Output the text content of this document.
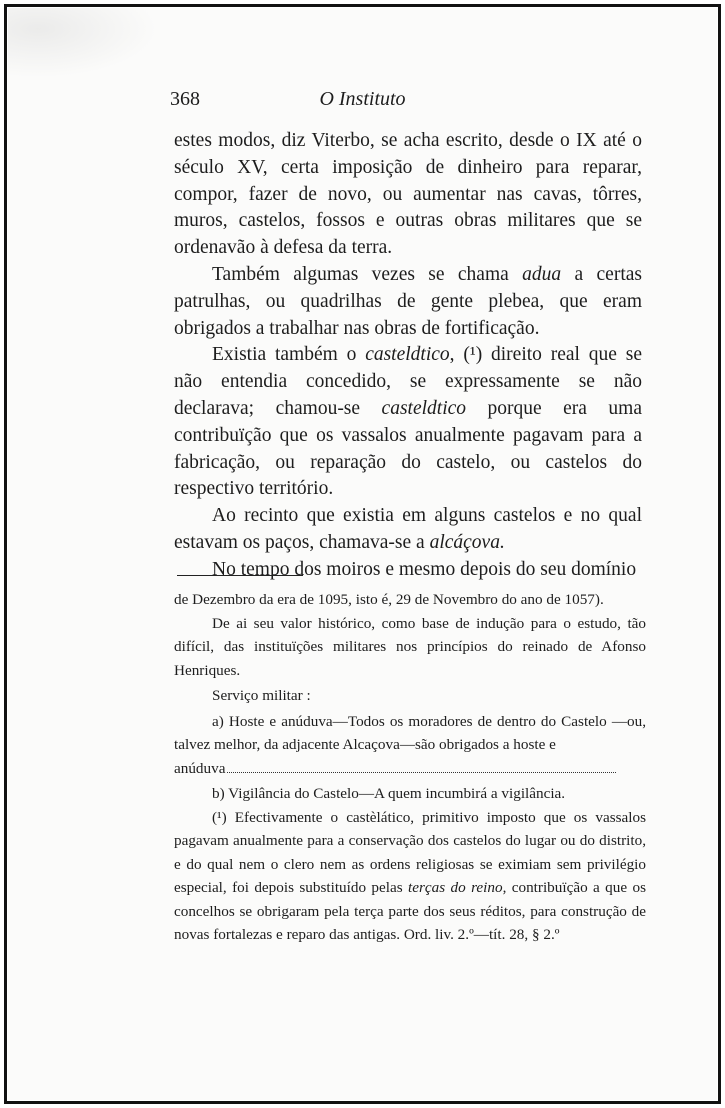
368	O Instituto

estes modos, diz Viterbo, se acha escrito, desde o IX até o século XV, certa imposição de dinheiro para reparar, compor, fazer de novo, ou aumentar nas cavas, tôrres, muros, castelos, fossos e outras obras militares que se ordenavão à defesa da terra.

Também algumas vezes se chama adua a certas patrulhas, ou quadrilhas de gente plebea, que eram obrigados a trabalhar nas obras de fortificação.

Existia também o casteldtico, (¹) direito real que se não entendia concedido, se expressamente se não declarava; chamou-se casteldtico porque era uma contribuïção que os vassalos anualmente pagavam para a fabricação, ou reparação do castelo, ou castelos do respectivo território.

Ao recinto que existia em alguns castelos e no qual estavam os paços, chamava-se a alcáçova.

No tempo dos moiros e mesmo depois do seu domínio

de Dezembro da era de 1095, isto é, 29 de Novembro do ano de 1057).

De ai seu valor histórico, como base de indução para o estudo, tão difícil, das instituïções militares nos princípios do reinado de Afonso Henriques.

Serviço militar :

a) Hoste e anúduva—Todos os moradores de dentro do Castelo —ou, talvez melhor, da adjacente Alcaçova—são obrigados a hoste e

anúduva

b) Vigilância do Castelo—A quem incumbirá a vigilância.

(¹) Efectivamente o castèlático, primitivo imposto que os vassalos pagavam anualmente para a conservação dos castelos do lugar ou do distrito, e do qual nem o clero nem as ordens religiosas se eximiam sem privilégio especial, foi depois substituído pelas terças do reino, contribuïção a que os concelhos se obrigaram pela terça parte dos seus réditos, para construção de novas fortalezas e reparo das antigas. Ord. liv. 2.º—tít. 28, § 2.º
